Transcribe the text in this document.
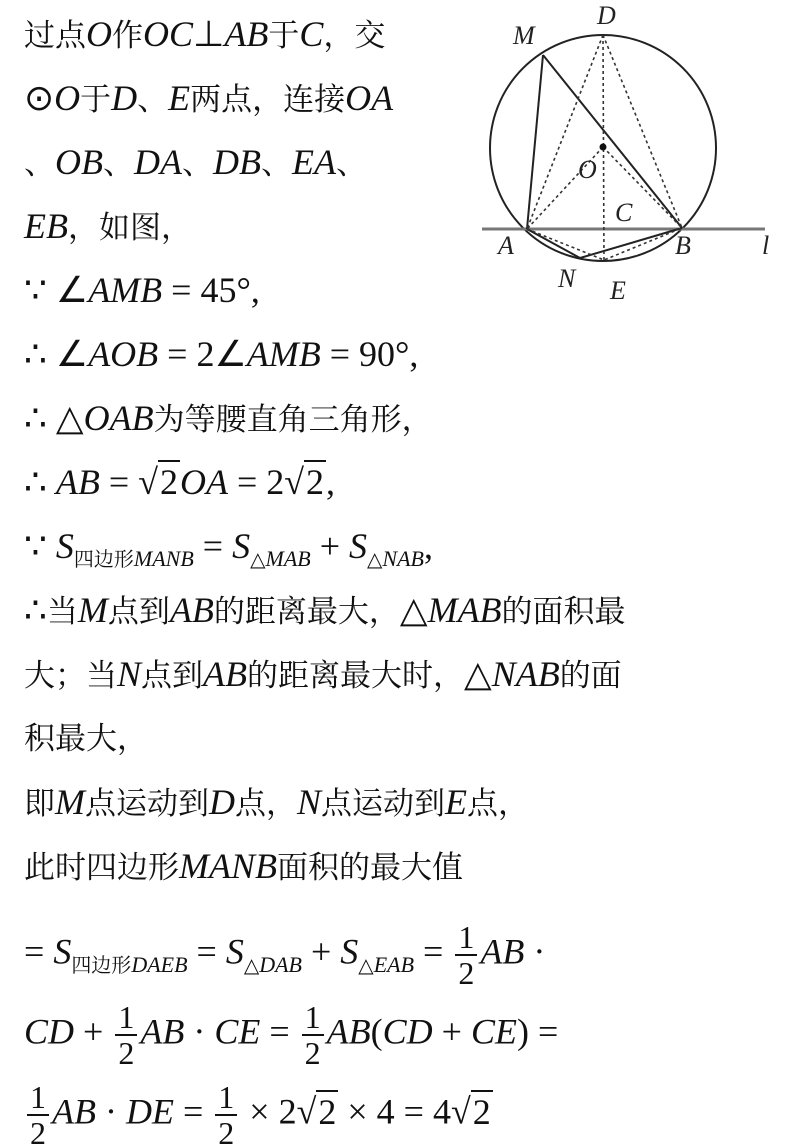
D
M
O
C
A	B	l
N E
过点O作OC⊥AB于C，交
⊙O于D、E两点，连接OA
、OB、DA、DB、EA、
EB，如图，
∵ ∠AMB = 45°,
∴ ∠AOB = 2∠AMB = 90°,
∴ △OAB为等腰直角三角形，
∴ AB = √2OA = 2√2,
∵ $S_{四边形MANB} = S_{\triangle MAB} + S_{\triangle NAB}$,
∴当M点到AB的距离最大，△MAB的面积最
大；当N点到AB的距离最大时，△NAB的面
积最大，
即M点运动到D点，N点运动到E点，
此时四边形MANB面积的最大值
= $S_{四边形DAEB} = S_{\triangle DAB} + S_{\triangle EAB} = \frac{1}{2}$ AB ·
CD + $\frac{1}{2}$ AB · CE = $\frac{1}{2} AB(CD + CE)$ =
$\frac{1}{2}$ AB · DE = $\frac{1}{2} \times 2√2 \times 4 = 4√2$
